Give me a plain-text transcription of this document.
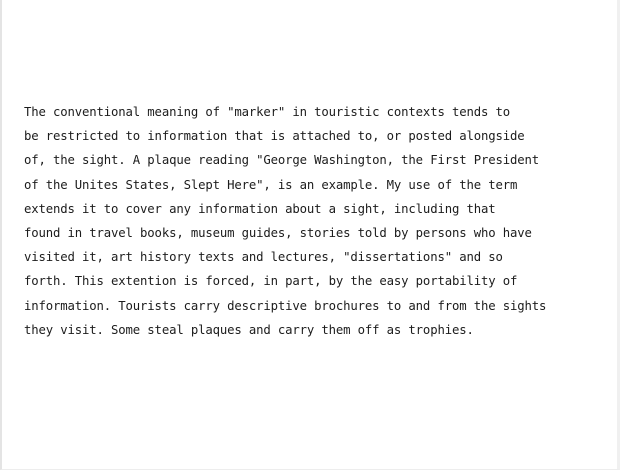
The conventional meaning of "marker" in touristic contexts tends to
be restricted to information that is attached to, or posted alongside
of, the sight. A plaque reading "George Washington, the First President
of the Unites States, Slept Here", is an example. My use of the term
extends it to cover any information about a sight, including that
found in travel books, museum guides, stories told by persons who have
visited it, art history texts and lectures, "dissertations" and so
forth. This extention is forced, in part, by the easy portability of
information. Tourists carry descriptive brochures to and from the sights
they visit. Some steal plaques and carry them off as trophies.
